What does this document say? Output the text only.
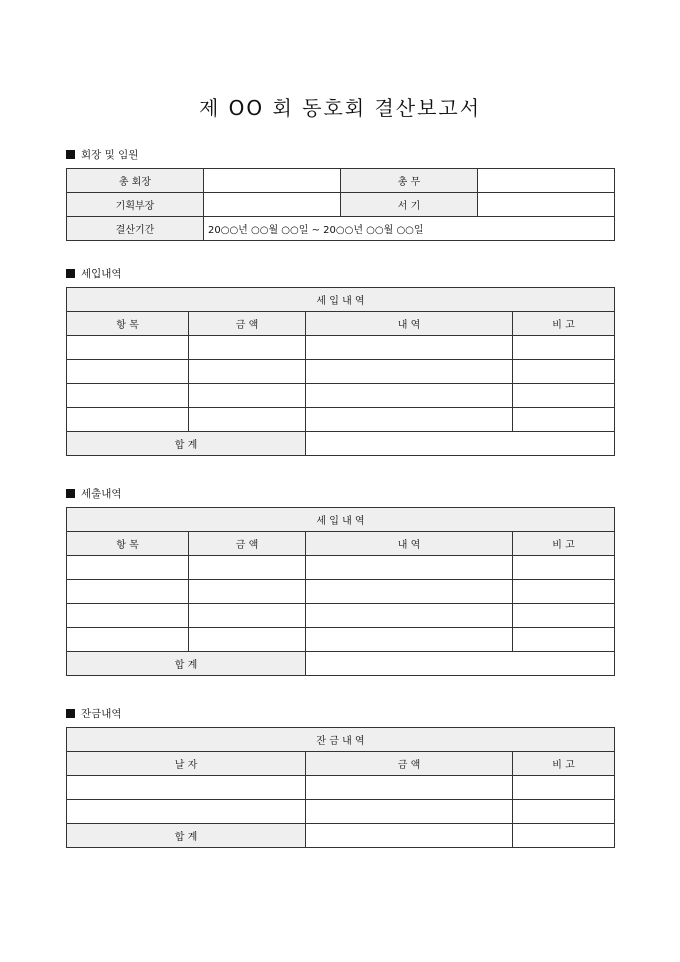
제 OO 회 동호회 결산보고서
회장 및 임원
총 회장		총 무	
기획부장		서 기	
결산기간	20○○년 ○○월 ○○일 ~ 20○○년 ○○월 ○○일		
세입내역
세 입 내 역			
항 목	금 액	내 역	비 고

합 계			
세출내역
세 입 내 역			
항 목	금 액	내 역	비 고

합 계			
잔금내역
잔 금 내 역		
날 자	금 액	비 고

합 계		
